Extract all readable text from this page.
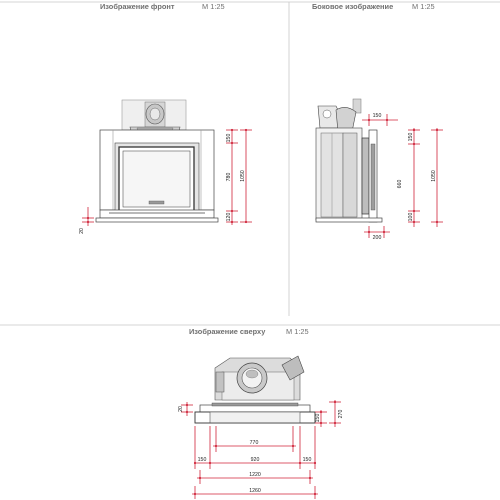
Изображение фронт	М 1:25	Боковое изображение	М 1:25
Изображение сверху	М 1:25
150
780 1050
120
20
150
150
660
1050
100
200
20
150	270
770
150	920	150
1220
1260
